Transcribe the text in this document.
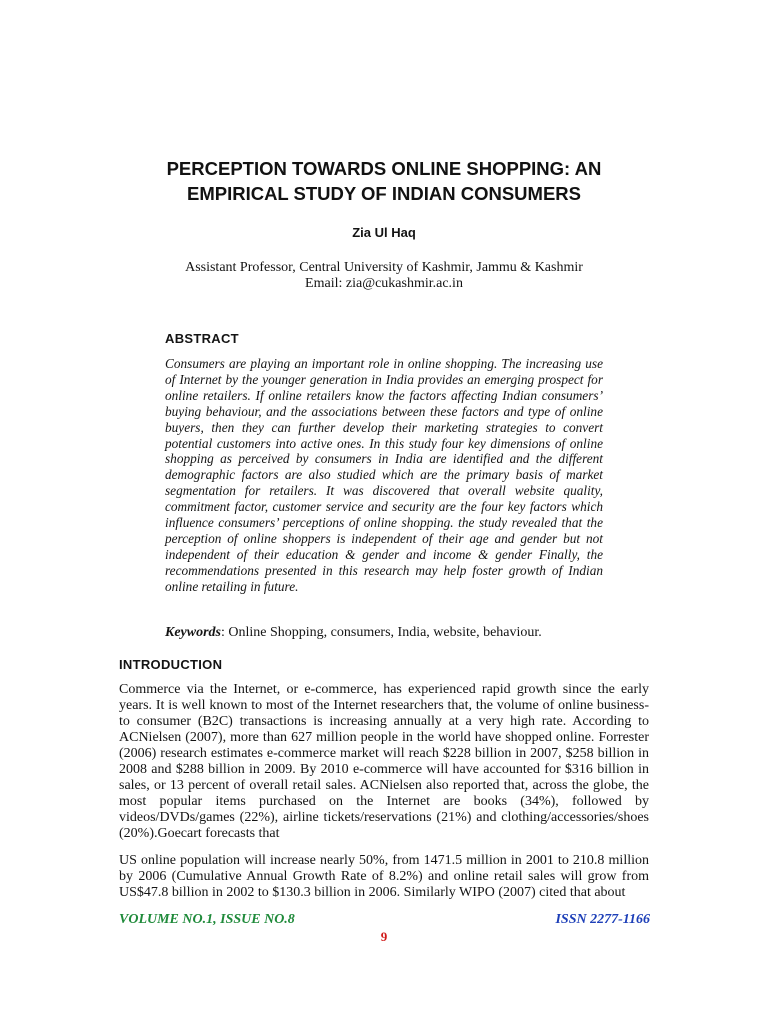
PERCEPTION TOWARDS ONLINE SHOPPING: AN
EMPIRICAL STUDY OF INDIAN CONSUMERS
Zia Ul Haq
Assistant Professor, Central University of Kashmir, Jammu & Kashmir
Email: zia@cukashmir.ac.in
ABSTRACT

Consumers are playing an important role in online shopping. The increasing use of Internet by the younger generation in India provides an emerging prospect for online retailers. If online retailers know the factors affecting Indian consumers’ buying behaviour, and the associations between these factors and type of online buyers, then they can further develop their marketing strategies to convert potential customers into active ones. In this study four key dimensions of online shopping as perceived by consumers in India are identified and the different demographic factors are also studied which are the primary basis of market segmentation for retailers. It was discovered that overall website quality, commitment factor, customer service and security are the four key factors which influence consumers’ perceptions of online shopping. the study revealed that the perception of online shoppers is independent of their age and gender but not independent of their education & gender and income & gender Finally, the recommendations presented in this research may help foster growth of Indian online retailing in future.

Keywords: Online Shopping, consumers, India, website, behaviour.
INTRODUCTION

Commerce via the Internet, or e-commerce, has experienced rapid growth since the early years. It is well known to most of the Internet researchers that, the volume of online business-to consumer (B2C) transactions is increasing annually at a very high rate. According to ACNielsen (2007), more than 627 million people in the world have shopped online. Forrester (2006) research estimates e-commerce market will reach $228 billion in 2007, $258 billion in 2008 and $288 billion in 2009. By 2010 e-commerce will have accounted for $316 billion in sales, or 13 percent of overall retail sales. ACNielsen also reported that, across the globe, the most popular items purchased on the Internet are books (34%), followed by videos/DVDs/games (22%), airline tickets/reservations (21%) and clothing/accessories/shoes (20%).Goecart forecasts that

US online population will increase nearly 50%, from 1471.5 million in 2001 to 210.8 million by 2006 (Cumulative Annual Growth Rate of 8.2%) and online retail sales will grow from US$47.8 billion in 2002 to $130.3 billion in 2006. Similarly WIPO (2007) cited that about

VOLUME NO.1, ISSUE NO.8	ISSN 2277-1166
9
